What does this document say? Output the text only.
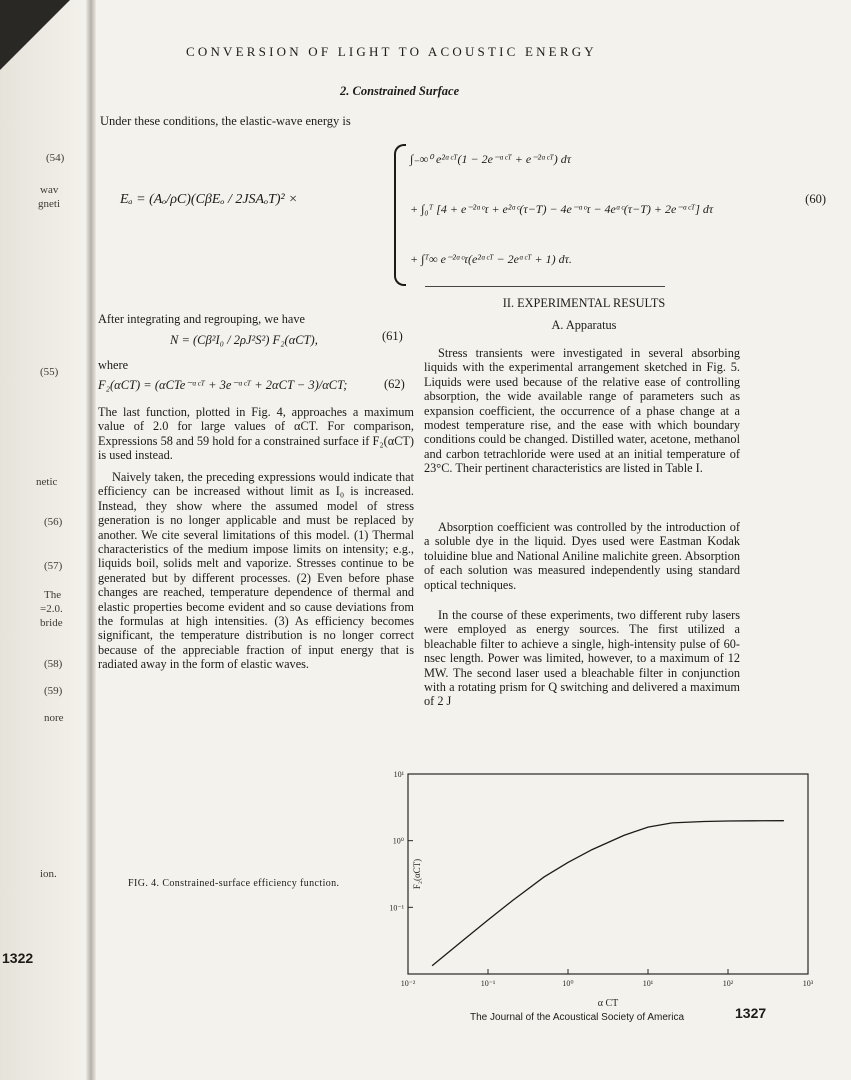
(54)
wav
gneti
(55)
netic
(56)
(57)
The
=2.0.
bride
(58)
(59)
nore
ion.
1322
CONVERSION OF LIGHT TO ACOUSTIC ENERGY
2. Constrained Surface
Under these conditions, the elastic-wave energy is
Eₐ = (Aₒ/ρC)(CβEₒ / 2JSAₒT)² ×
∫₋∞⁰ e²ᵅᶜᵀ(1 − 2e⁻ᵅᶜᵀ + e⁻²ᵅᶜᵀ) dτ
+ ∫₀ᵀ [4 + e⁻²ᵅᶜτ + e²ᵅᶜ(τ−T) − 4e⁻ᵅᶜτ − 4eᵅᶜ(τ−T) + 2e⁻ᵅᶜᵀ] dτ
+ ∫ᵀ∞ e⁻²ᵅᶜτ(e²ᵅᶜᵀ − 2eᵅᶜᵀ + 1) dτ.
(60)
After integrating and regrouping, we have
N = (Cβ²I₀ / 2ρJ²S²) F₂(αCT),	(61)
where
F₂(αCT) = (αCTe⁻ᵅᶜᵀ + 3e⁻ᵅᶜᵀ + 2αCT − 3)/αCT;	(62)
The last function, plotted in Fig. 4, approaches a maximum value of 2.0 for large values of αCT. For comparison, Expressions 58 and 59 hold for a constrained surface if F₂(αCT) is used instead.
Naively taken, the preceding expressions would indicate that efficiency can be increased without limit as I₀ is increased. Instead, they show where the assumed model of stress generation is no longer applicable and must be replaced by another. We cite several limitations of this model. (1) Thermal characteristics of the medium impose limits on intensity; e.g., liquids boil, solids melt and vaporize. Stresses continue to be generated but by different processes. (2) Even before phase changes are reached, temperature dependence of thermal and elastic properties become evident and so cause deviations from the formulas at high intensities. (3) As efficiency becomes significant, the temperature distribution is no longer correct because of the appreciable fraction of input energy that is radiated away in the form of elastic waves.
II. EXPERIMENTAL RESULTS
A. Apparatus
Stress transients were investigated in several absorbing liquids with the experimental arrangement sketched in Fig. 5. Liquids were used because of the relative ease of controlling absorption, the wide available range of parameters such as expansion coefficient, the occurrence of a phase change at a modest temperature rise, and the ease with which boundary conditions could be changed. Distilled water, acetone, methanol and carbon tetrachloride were used at an initial temperature of 23°C. Their pertinent characteristics are listed in Table I.
Absorption coefficient was controlled by the introduction of a soluble dye in the liquid. Dyes used were Eastman Kodak toluidine blue and National Aniline malichite green. Absorption of each solution was measured independently using standard optical techniques.
In the course of these experiments, two different ruby lasers were employed as energy sources. The first utilized a bleachable filter to achieve a single, high-intensity pulse of 60-nsec length. Power was limited, however, to a maximum of 12 MW. The second laser used a bleachable filter in conjunction with a rotating prism for Q switching and delivered a maximum of 2 J
FIG. 4. Constrained-surface efficiency function.
10⁻²	10⁻¹	10⁰	10¹	10²	10³
10⁻¹
10⁰
10¹
α CT
F₂(αCT)
The Journal of the Acoustical Society of America	1327
